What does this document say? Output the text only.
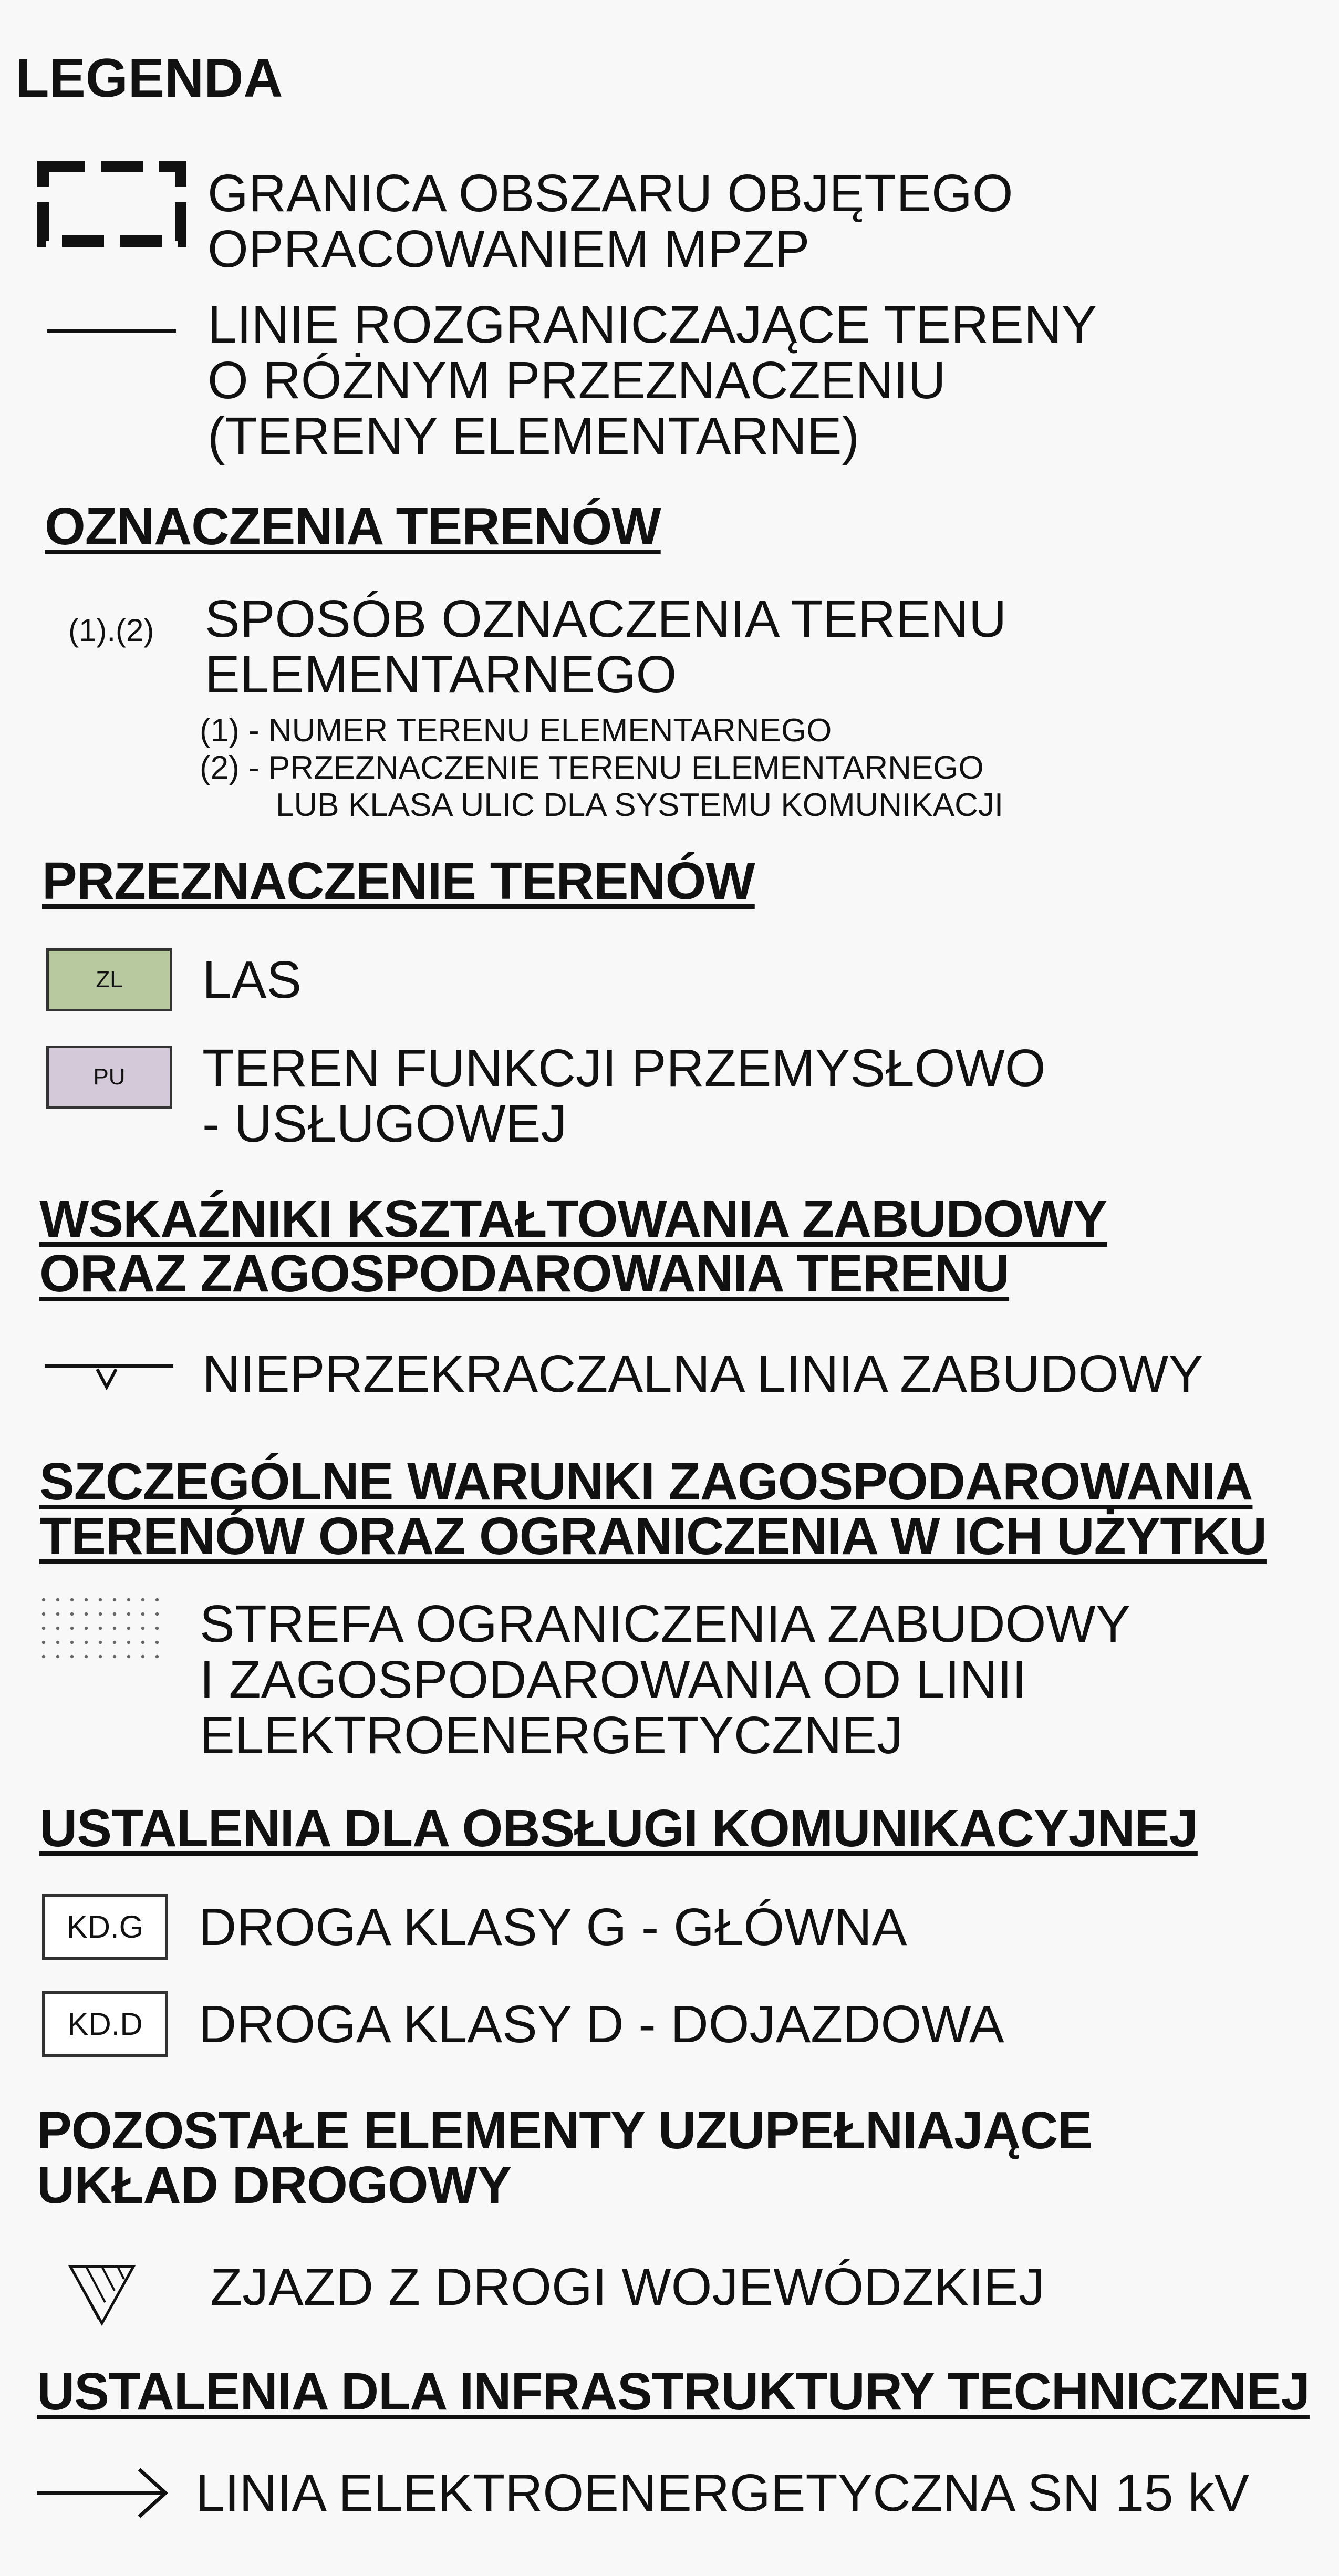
LEGENDA
GRANICA OBSZARU OBJĘTEGO
OPRACOWANIEM MPZP
LINIE ROZGRANICZAJĄCE TERENY
O RÓŻNYM PRZEZNACZENIU
(TERENY ELEMENTARNE)
OZNACZENIA TERENÓW
(1).(2) SPOSÓB OZNACZENIA TERENU
ELEMENTARNEGO
(1) - NUMER TERENU ELEMENTARNEGO
(2) - PRZEZNACZENIE TERENU ELEMENTARNEGO
LUB KLASA ULIC DLA SYSTEMU KOMUNIKACJI
PRZEZNACZENIE TERENÓW
ZL LAS
PU TEREN FUNKCJI PRZEMYSŁOWO
- USŁUGOWEJ
WSKAŹNIKI KSZTAŁTOWANIA ZABUDOWY
ORAZ ZAGOSPODAROWANIA TERENU
NIEPRZEKRACZALNA LINIA ZABUDOWY
SZCZEGÓLNE WARUNKI ZAGOSPODAROWANIA
TERENÓW ORAZ OGRANICZENIA W ICH UŻYTKU
STREFA OGRANICZENIA ZABUDOWY
I ZAGOSPODAROWANIA OD LINII
ELEKTROENERGETYCZNEJ
USTALENIA DLA OBSŁUGI KOMUNIKACYJNEJ
KD.G DROGA KLASY G - GŁÓWNA
KD.D DROGA KLASY D - DOJAZDOWA
POZOSTAŁE ELEMENTY UZUPEŁNIAJĄCE
UKŁAD DROGOWY
ZJAZD Z DROGI WOJEWÓDZKIEJ
USTALENIA DLA INFRASTRUKTURY TECHNICZNEJ
LINIA ELEKTROENERGETYCZNA SN 15 kV
